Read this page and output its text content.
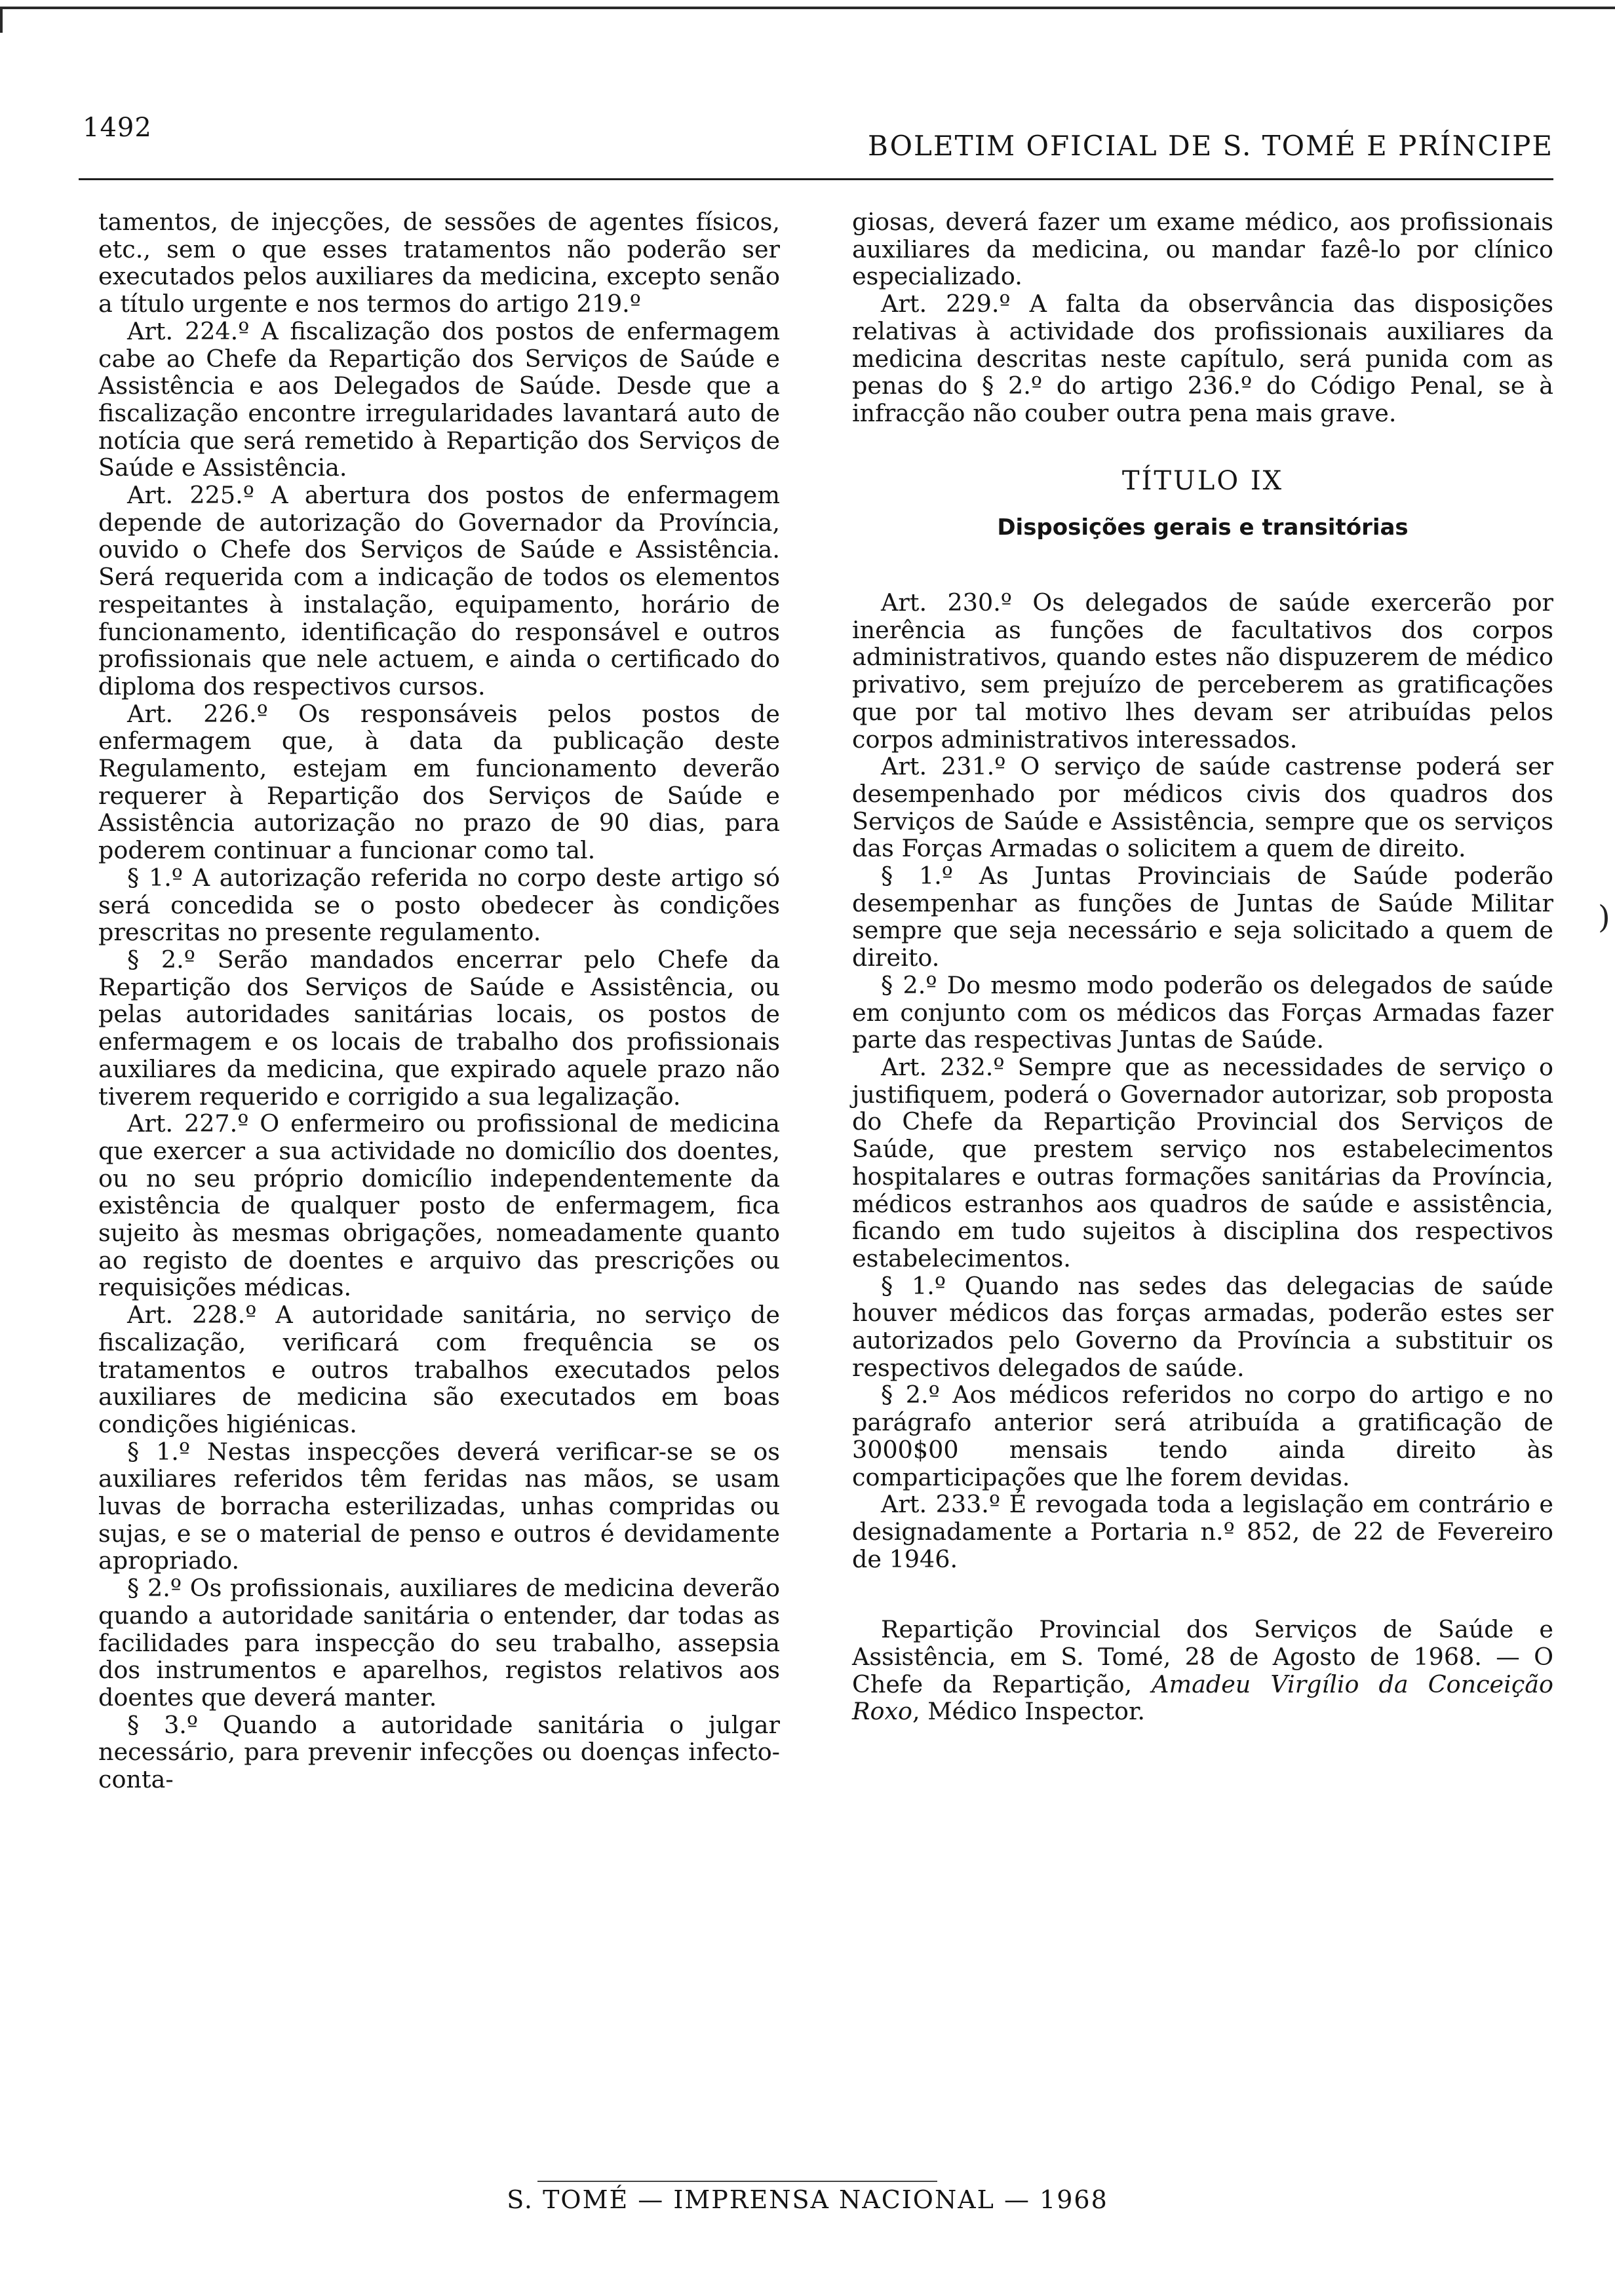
1492
BOLETIM OFICIAL DE S. TOMÉ E PRÍNCIPE

tamentos, de injecções, de sessões de agentes físicos, etc., sem o que esses tratamentos não poderão ser executados pelos auxiliares da medicina, excepto senão a título urgente e nos termos do artigo 219.º

Art. 224.º A fiscalização dos postos de enfermagem cabe ao Chefe da Repartição dos Serviços de Saúde e Assistência e aos Delegados de Saúde. Desde que a fiscalização encontre irregularidades lavantará auto de notícia que será remetido à Repartição dos Serviços de Saúde e Assistência.

Art. 225.º A abertura dos postos de enfermagem depende de autorização do Governador da Província, ouvido o Chefe dos Serviços de Saúde e Assistência. Será requerida com a indicação de todos os elementos respeitantes à instalação, equipamento, horário de funcionamento, identificação do responsável e outros profissionais que nele actuem, e ainda o certificado do diploma dos respectivos cursos.

Art. 226.º Os responsáveis pelos postos de enfermagem que, à data da publicação deste Regulamento, estejam em funcionamento deverão requerer à Repartição dos Serviços de Saúde e Assistência autorização no prazo de 90 dias, para poderem continuar a funcionar como tal.

§ 1.º A autorização referida no corpo deste artigo só será concedida se o posto obedecer às condições prescritas no presente regulamento.

§ 2.º Serão mandados encerrar pelo Chefe da Repartição dos Serviços de Saúde e Assistência, ou pelas autoridades sanitárias locais, os postos de enfermagem e os locais de trabalho dos profissionais auxiliares da medicina, que expirado aquele prazo não tiverem requerido e corrigido a sua legalização.

Art. 227.º O enfermeiro ou profissional de medicina que exercer a sua actividade no domicílio dos doentes, ou no seu próprio domicílio independentemente da existência de qualquer posto de enfermagem, fica sujeito às mesmas obrigações, nomeadamente quanto ao registo de doentes e arquivo das prescrições ou requisições médicas.

Art. 228.º A autoridade sanitária, no serviço de fiscalização, verificará com frequência se os tratamentos e outros trabalhos executados pelos auxiliares de medicina são executados em boas condições higiénicas.

§ 1.º Nestas inspecções deverá verificar-se se os auxiliares referidos têm feridas nas mãos, se usam luvas de borracha esterilizadas, unhas compridas ou sujas, e se o material de penso e outros é devidamente apropriado.

§ 2.º Os profissionais, auxiliares de medicina deverão quando a autoridade sanitária o entender, dar todas as facilidades para inspecção do seu trabalho, assepsia dos instrumentos e aparelhos, registos relativos aos doentes que deverá manter.

§ 3.º Quando a autoridade sanitária o julgar necessário, para prevenir infecções ou doenças infecto-conta-

giosas, deverá fazer um exame médico, aos profissionais auxiliares da medicina, ou mandar fazê-lo por clínico especializado.

Art. 229.º A falta da observância das disposições relativas à actividade dos profissionais auxiliares da medicina descritas neste capítulo, será punida com as penas do § 2.º do artigo 236.º do Código Penal, se à infracção não couber outra pena mais grave.

TÍTULO IX
Disposições gerais e transitórias

Art. 230.º Os delegados de saúde exercerão por inerência as funções de facultativos dos corpos administrativos, quando estes não dispuzerem de médico privativo, sem prejuízo de perceberem as gratificações que por tal motivo lhes devam ser atribuídas pelos corpos administrativos interessados.

Art. 231.º O serviço de saúde castrense poderá ser desempenhado por médicos civis dos quadros dos Serviços de Saúde e Assistência, sempre que os serviços das Forças Armadas o solicitem a quem de direito.

§ 1.º As Juntas Provinciais de Saúde poderão desempenhar as funções de Juntas de Saúde Militar sempre que seja necessário e seja solicitado a quem de direito.

§ 2.º Do mesmo modo poderão os delegados de saúde em conjunto com os médicos das Forças Armadas fazer parte das respectivas Juntas de Saúde.

Art. 232.º Sempre que as necessidades de serviço o justifiquem, poderá o Governador autorizar, sob proposta do Chefe da Repartição Provincial dos Serviços de Saúde, que prestem serviço nos estabelecimentos hospitalares e outras formações sanitárias da Província, médicos estranhos aos quadros de saúde e assistência, ficando em tudo sujeitos à disciplina dos respectivos estabelecimentos.

§ 1.º Quando nas sedes das delegacias de saúde houver médicos das forças armadas, poderão estes ser autorizados pelo Governo da Província a substituir os respectivos delegados de saúde.

§ 2.º Aos médicos referidos no corpo do artigo e no parágrafo anterior será atribuída a gratificação de 3000$00 mensais tendo ainda direito às comparticipações que lhe forem devidas.

Art. 233.º É revogada toda a legislação em contrário e designadamente a Portaria n.º 852, de 22 de Fevereiro de 1946.

Repartição Provincial dos Serviços de Saúde e Assistência, em S. Tomé, 28 de Agosto de 1968. — O Chefe da Repartição, Amadeu Virgílio da Conceição Roxo, Médico Inspector.

)
S. TOMÉ — IMPRENSA NACIONAL — 1968
